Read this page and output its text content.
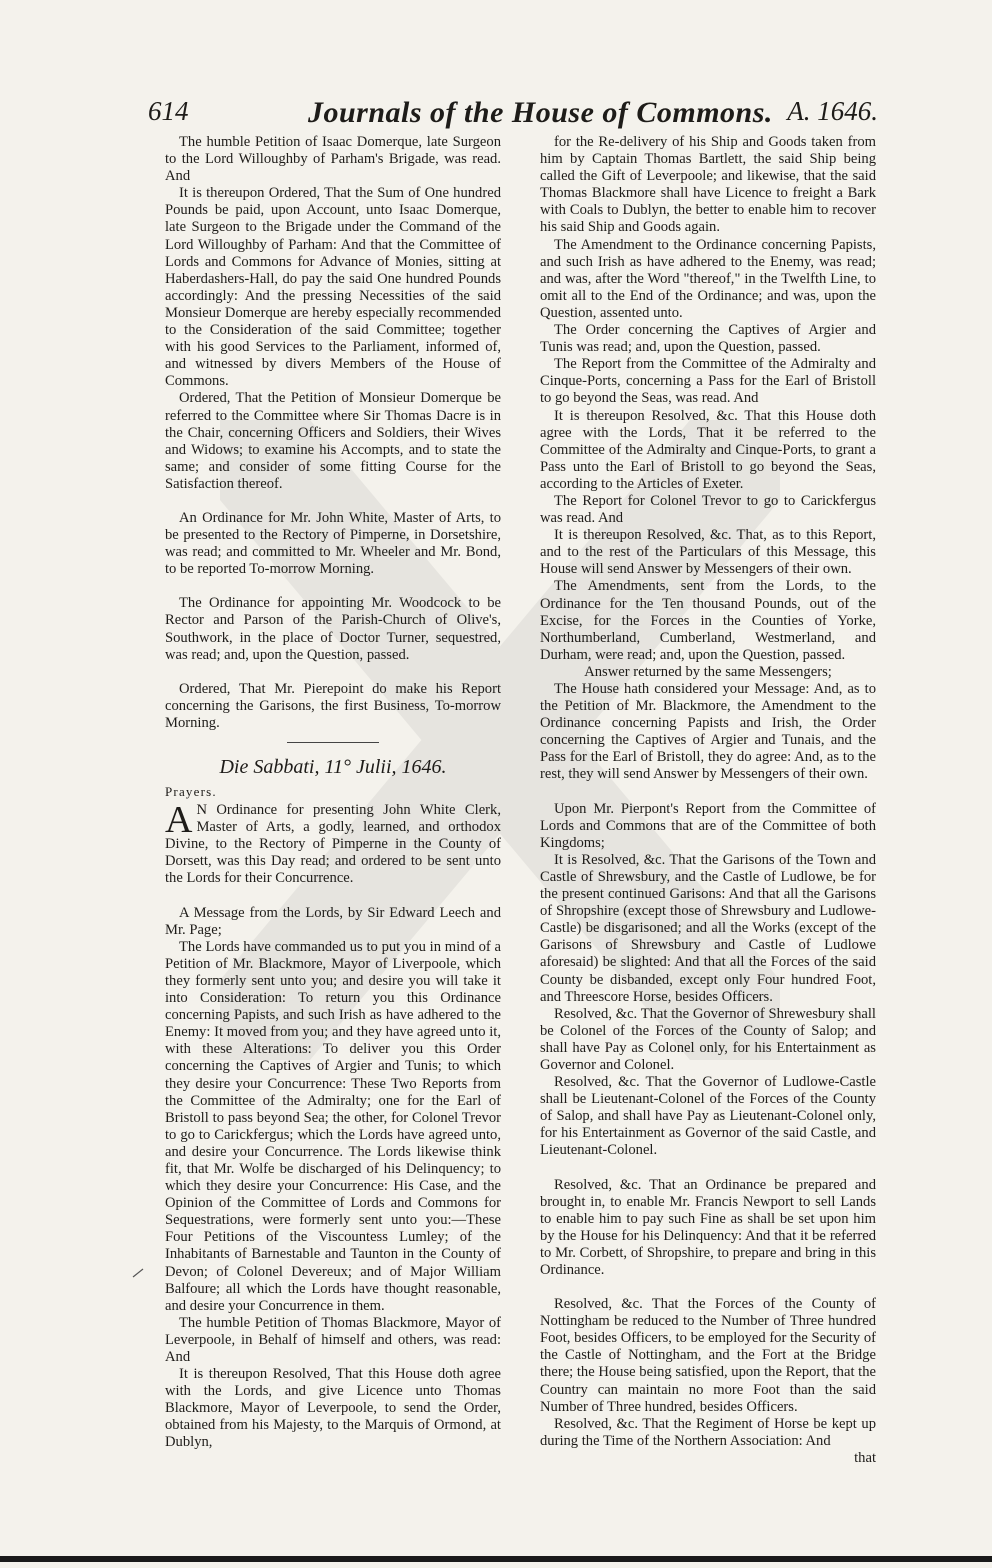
614	Journals of the House of Commons. A. 1646.

The humble Petition of Isaac Domerque, late Surgeon to the Lord Willoughby of Parham's Brigade, was read. And

It is thereupon Ordered, That the Sum of One hundred Pounds be paid, upon Account, unto Isaac Domerque, late Surgeon to the Brigade under the Command of the Lord Willoughby of Parham: And that the Committee of Lords and Commons for Advance of Monies, sitting at Haberdashers-Hall, do pay the said One hundred Pounds accordingly: And the pressing Necessities of the said Monsieur Domerque are hereby especially recommended to the Consideration of the said Committee; together with his good Services to the Parliament, informed of, and witnessed by divers Members of the House of Commons.

Ordered, That the Petition of Monsieur Domerque be referred to the Committee where Sir Thomas Dacre is in the Chair, concerning Officers and Soldiers, their Wives and Widows; to examine his Accompts, and to state the same; and consider of some fitting Course for the Satisfaction thereof.

An Ordinance for Mr. John White, Master of Arts, to be presented to the Rectory of Pimperne, in Dorsetshire, was read; and committed to Mr. Wheeler and Mr. Bond, to be reported To-morrow Morning.

The Ordinance for appointing Mr. Woodcock to be Rector and Parson of the Parish-Church of Olive's, Southwork, in the place of Doctor Turner, sequestred, was read; and, upon the Question, passed.

Ordered, That Mr. Pierepoint do make his Report concerning the Garisons, the first Business, To-morrow Morning.

Die Sabbati, 11° Julii, 1646.

Prayers.

A N Ordinance for presenting John White Clerk, Master of Arts, a godly, learned, and orthodox Divine, to the Rectory of Pimperne in the County of Dorsett, was this Day read; and ordered to be sent unto the Lords for their Concurrence.

A Message from the Lords, by Sir Edward Leech and Mr. Page;

The Lords have commanded us to put you in mind of a Petition of Mr. Blackmore, Mayor of Liverpoole, which they formerly sent unto you; and desire you will take it into Consideration: To return you this Ordinance concerning Papists, and such Irish as have adhered to the Enemy: It moved from you; and they have agreed unto it, with these Alterations: To deliver you this Order concerning the Captives of Argier and Tunis; to which they desire your Concurrence: These Two Reports from the Committee of the Admiralty; one for the Earl of Bristoll to pass beyond Sea; the other, for Colonel Trevor to go to Carickfergus; which the Lords have agreed unto, and desire your Concurrence. The Lords likewise think fit, that Mr. Wolfe be discharged of his Delinquency; to which they desire your Concurrence: His Case, and the Opinion of the Committee of Lords and Commons for Sequestrations, were formerly sent unto you:—These Four Petitions of the Viscountess Lumley; of the Inhabitants of Barnestable and Taunton in the County of Devon; of Colonel Devereux; and of Major William Balfoure; all which the Lords have thought reasonable, and desire your Concurrence in them.

The humble Petition of Thomas Blackmore, Mayor of Leverpoole, in Behalf of himself and others, was read: And

It is thereupon Resolved, That this House doth agree with the Lords, and give Licence unto Thomas Blackmore, Mayor of Leverpoole, to send the Order, obtained from his Majesty, to the Marquis of Ormond, at Dublyn,

for the Re-delivery of his Ship and Goods taken from him by Captain Thomas Bartlett, the said Ship being called the Gift of Leverpoole; and likewise, that the said Thomas Blackmore shall have Licence to freight a Bark with Coals to Dublyn, the better to enable him to recover his said Ship and Goods again.

The Amendment to the Ordinance concerning Papists, and such Irish as have adhered to the Enemy, was read; and was, after the Word "thereof," in the Twelfth Line, to omit all to the End of the Ordinance; and was, upon the Question, assented unto.

The Order concerning the Captives of Argier and Tunis was read; and, upon the Question, passed.

The Report from the Committee of the Admiralty and Cinque-Ports, concerning a Pass for the Earl of Bristoll to go beyond the Seas, was read. And

It is thereupon Resolved, &c. That this House doth agree with the Lords, That it be referred to the Committee of the Admiralty and Cinque-Ports, to grant a Pass unto the Earl of Bristoll to go beyond the Seas, according to the Articles of Exeter.

The Report for Colonel Trevor to go to Carickfergus was read. And

It is thereupon Resolved, &c. That, as to this Report, and to the rest of the Particulars of this Message, this House will send Answer by Messengers of their own.

The Amendments, sent from the Lords, to the Ordinance for the Ten thousand Pounds, out of the Excise, for the Forces in the Counties of Yorke, Northumberland, Cumberland, Westmerland, and Durham, were read; and, upon the Question, passed.

Answer returned by the same Messengers;

The House hath considered your Message: And, as to the Petition of Mr. Blackmore, the Amendment to the Ordinance concerning Papists and Irish, the Order concerning the Captives of Argier and Tunais, and the Pass for the Earl of Bristoll, they do agree: And, as to the rest, they will send Answer by Messengers of their own.

Upon Mr. Pierpont's Report from the Committee of Lords and Commons that are of the Committee of both Kingdoms;

It is Resolved, &c. That the Garisons of the Town and Castle of Shrewsbury, and the Castle of Ludlowe, be for the present continued Garisons: And that all the Garisons of Shropshire (except those of Shrewsbury and Ludlowe-Castle) be disgarisoned; and all the Works (except of the Garisons of Shrewsbury and Castle of Ludlowe aforesaid) be slighted: And that all the Forces of the said County be disbanded, except only Four hundred Foot, and Threescore Horse, besides Officers.

Resolved, &c. That the Governor of Shrewesbury shall be Colonel of the Forces of the County of Salop; and shall have Pay as Colonel only, for his Entertainment as Governor and Colonel.

Resolved, &c. That the Governor of Ludlowe-Castle shall be Lieutenant-Colonel of the Forces of the County of Salop, and shall have Pay as Lieutenant-Colonel only, for his Entertainment as Governor of the said Castle, and Lieutenant-Colonel.

Resolved, &c. That an Ordinance be prepared and brought in, to enable Mr. Francis Newport to sell Lands to enable him to pay such Fine as shall be set upon him by the House for his Delinquency: And that it be referred to Mr. Corbett, of Shropshire, to prepare and bring in this Ordinance.

Resolved, &c. That the Forces of the County of Nottingham be reduced to the Number of Three hundred Foot, besides Officers, to be employed for the Security of the Castle of Nottingham, and the Fort at the Bridge there; the House being satisfied, upon the Report, that the Country can maintain no more Foot than the said Number of Three hundred, besides Officers.

Resolved, &c. That the Regiment of Horse be kept up during the Time of the Northern Association: And

that
